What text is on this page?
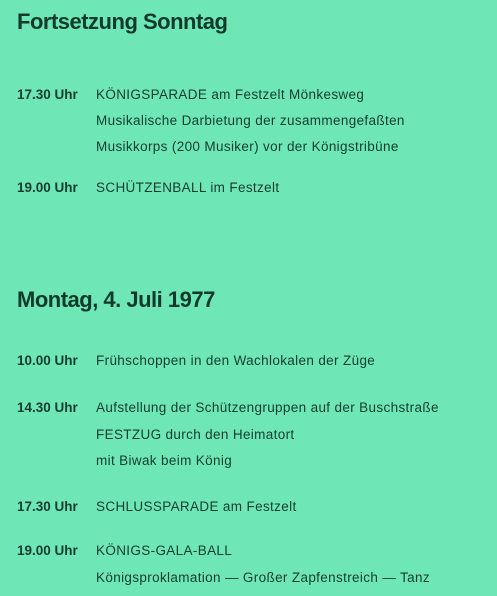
Fortsetzung Sonntag
17.30 Uhr KÖNIGSPARADE am Festzelt Mönkesweg
Musikalische Darbietung der zusammengefaßten
Musikkorps (200 Musiker) vor der Königstribüne
19.00 Uhr SCHÜTZENBALL im Festzelt
Montag, 4. Juli 1977
10.00 Uhr Frühschoppen in den Wachlokalen der Züge
14.30 Uhr Aufstellung der Schützengruppen auf der Buschstraße
FESTZUG durch den Heimatort
mit Biwak beim König
17.30 Uhr SCHLUSSPARADE am Festzelt
19.00 Uhr KÖNIGS-GALA-BALL
Königsproklamation — Großer Zapfenstreich — Tanz
